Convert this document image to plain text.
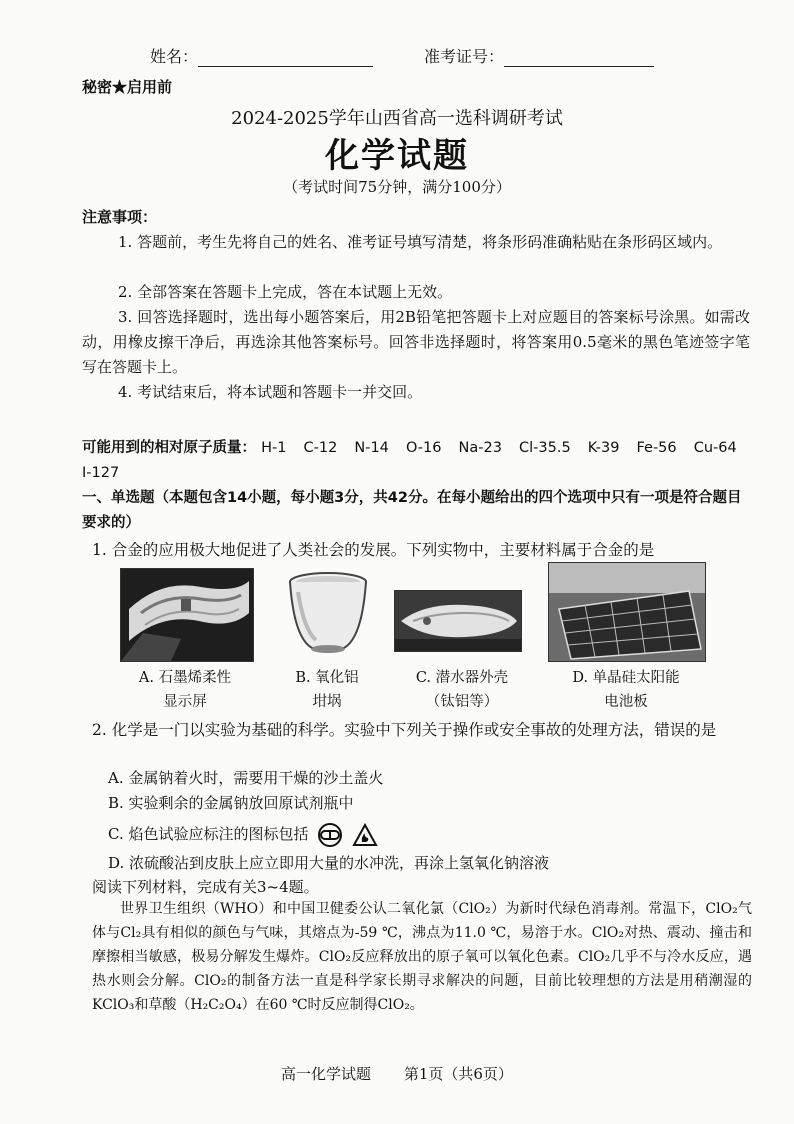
姓名：	准考证号：
秘密★启用前
2024-2025学年山西省高一选科调研考试
化学试题
（考试时间75分钟，满分100分）
注意事项：
1. 答题前，考生先将自己的姓名、准考证号填写清楚，将条形码准确粘贴在条形码区域内。
2. 全部答案在答题卡上完成，答在本试题上无效。
3. 回答选择题时，选出每小题答案后，用2B铅笔把答题卡上对应题目的答案标号涂黑。如需改动，用橡皮擦干净后，再选涂其他答案标号。回答非选择题时，将答案用0.5毫米的黑色笔迹签字笔写在答题卡上。
4. 考试结束后，将本试题和答题卡一并交回。
可能用到的相对原子质量： H-1 C-12 N-14 O-16 Na-23 Cl-35.5 K-39 Fe-56 Cu-64 I-127
一、单选题（本题包含14小题，每小题3分，共42分。在每小题给出的四个选项中只有一项是符合题目要求的）
1. 合金的应用极大地促进了人类社会的发展。下列实物中，主要材料属于合金的是
A. 石墨烯柔性
显示屏
B. 氧化铝
坩埚
C. 潜水器外壳
（钛铝等）
D. 单晶硅太阳能
电池板
2. 化学是一门以实验为基础的科学。实验中下列关于操作或安全事故的处理方法，错误的是
A. 金属钠着火时，需要用干燥的沙土盖火
B. 实验剩余的金属钠放回原试剂瓶中
C. 焰色试验应标注的图标包括
D. 浓硫酸沾到皮肤上应立即用大量的水冲洗，再涂上氢氧化钠溶液
阅读下列材料，完成有关3~4题。
世界卫生组织（WHO）和中国卫健委公认二氧化氯（ClO₂）为新时代绿色消毒剂。常温下，ClO₂气体与Cl₂具有相似的颜色与气味，其熔点为-59 ℃，沸点为11.0 ℃，易溶于水。ClO₂对热、震动、撞击和摩擦相当敏感，极易分解发生爆炸。ClO₂反应释放出的原子氧可以氧化色素。ClO₂几乎不与冷水反应，遇热水则会分解。ClO₂的制备方法一直是科学家长期寻求解决的问题，目前比较理想的方法是用稍潮湿的KClO₃和草酸（H₂C₂O₄）在60 ℃时反应制得ClO₂。
高一化学试题 第1页（共6页）
